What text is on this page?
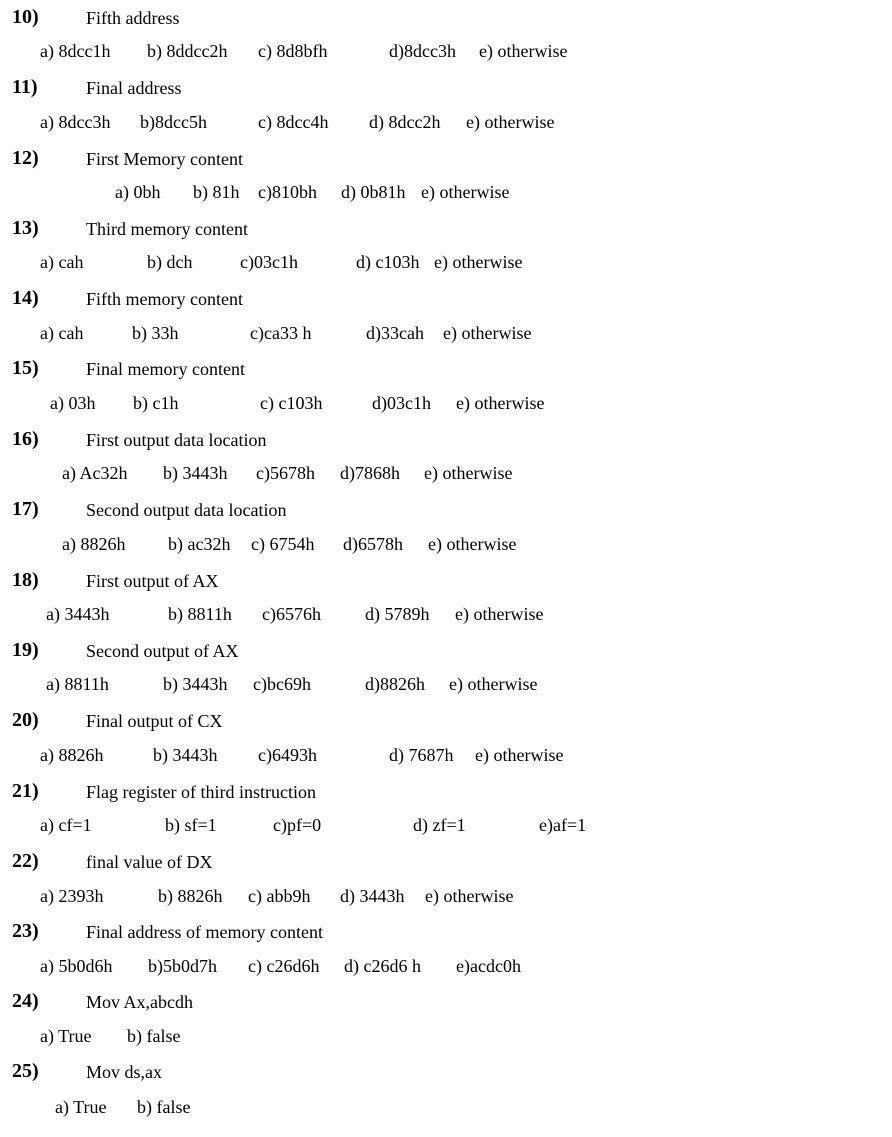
10)	Fifth address
a) 8dcc1h b) 8ddcc2h c) 8d8bfh	d)8dcc3h e) otherwise
11)	Final address
a) 8dcc3h b)8dcc5h	c) 8dcc4h d) 8dcc2h e) otherwise
12)	First Memory content
a) 0bh b) 81h c)810bh d) 0b81h e) otherwise
13)	Third memory content
a) cah	b) dch	c)03c1h	d) c103h e) otherwise
14)	Fifth memory content
a) cah	b) 33h	c)ca33 h	d)33cah e) otherwise
15)	Final memory content
a) 03h b) c1h	c) c103h	d)03c1h e) otherwise
16)	First output data location
a) Ac32h b) 3443h c)5678h d)7868h e) otherwise
17)	Second output data location
a) 8826h b) ac32h c) 6754h d)6578h e) otherwise
18)	First output of AX
a) 3443h	b) 8811h c)6576h d) 5789h e) otherwise
19)	Second output of AX
a) 8811h	b) 3443h c)bc69h	d)8826h e) otherwise
20)	Final output of CX
a) 8826h	b) 3443h c)6493h	d) 7687h e) otherwise
21)	Flag register of third instruction
a) cf=1	b) sf=1	c)pf=0	d) zf=1	e)af=1
22)	final value of DX
a) 2393h	b) 8826h c) abb9h d) 3443h e) otherwise
23)	Final address of memory content
a) 5b0d6h b)5b0d7h c) c26d6h d) c26d6 h e)acdc0h
24)	Mov Ax,abcdh
a) True b) false
25)	Mov ds,ax
a) True b) false
